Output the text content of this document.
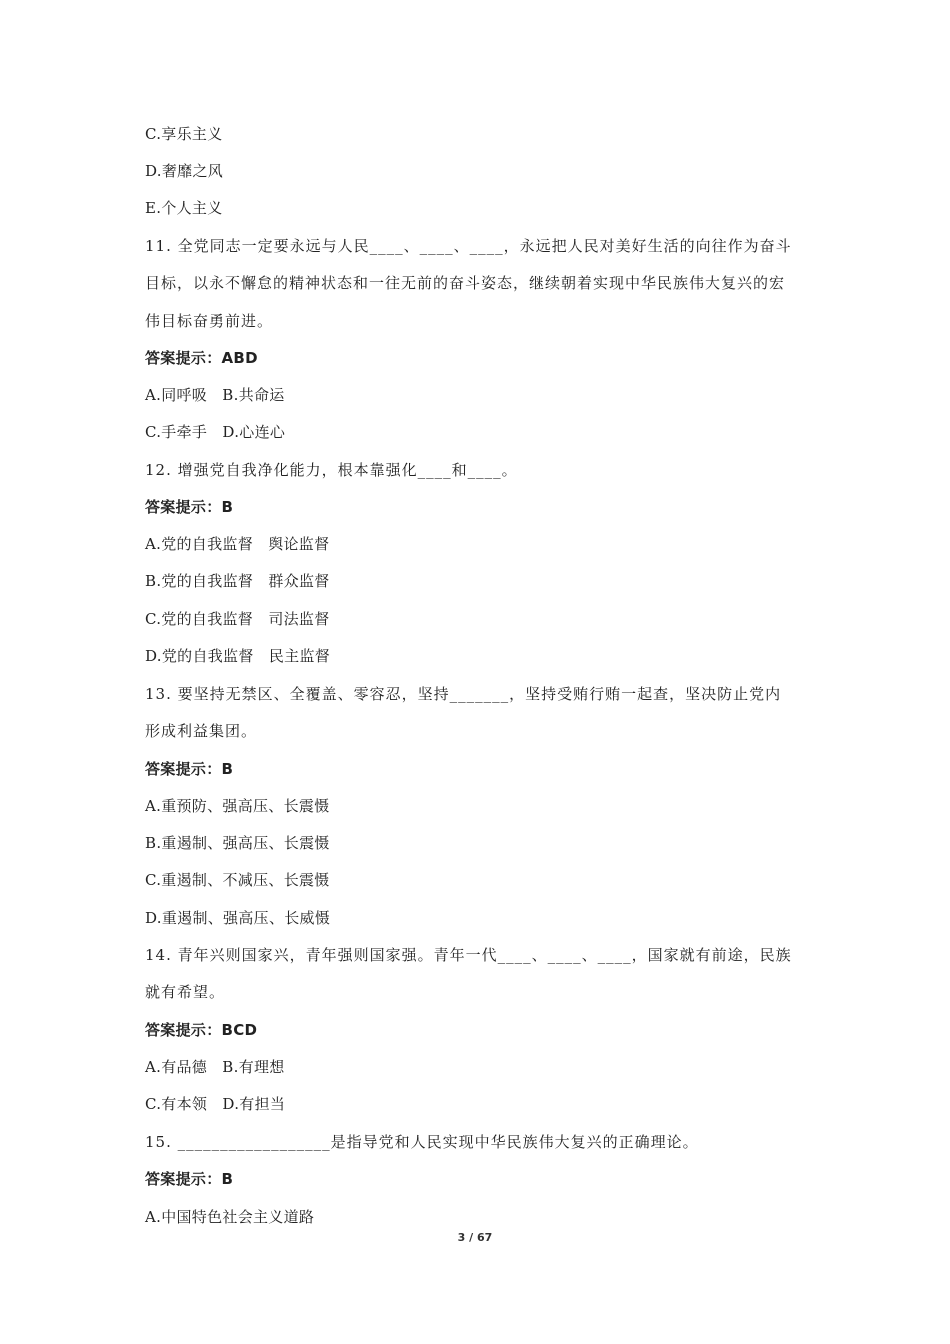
C.享乐主义
D.奢靡之风
E.个人主义
11. 全党同志一定要永远与人民____、____、____，永远把人民对美好生活的向往作为奋斗
目标，以永不懈怠的精神状态和一往无前的奋斗姿态，继续朝着实现中华民族伟大复兴的宏
伟目标奋勇前进。
答案提示：ABD
A.同呼吸   B.共命运
C.手牵手   D.心连心
12. 增强党自我净化能力，根本靠强化____和____。
答案提示：B
A.党的自我监督   舆论监督
B.党的自我监督   群众监督
C.党的自我监督   司法监督
D.党的自我监督   民主监督
13. 要坚持无禁区、全覆盖、零容忍，坚持_______，坚持受贿行贿一起查，坚决防止党内
形成利益集团。
答案提示：B
A.重预防、强高压、长震慑
B.重遏制、强高压、长震慑
C.重遏制、不减压、长震慑
D.重遏制、强高压、长威慑
14. 青年兴则国家兴，青年强则国家强。青年一代____、____、____，国家就有前途，民族
就有希望。
答案提示：BCD
A.有品德   B.有理想
C.有本领   D.有担当
15. __________________是指导党和人民实现中华民族伟大复兴的正确理论。
答案提示：B
A.中国特色社会主义道路
3 / 67
